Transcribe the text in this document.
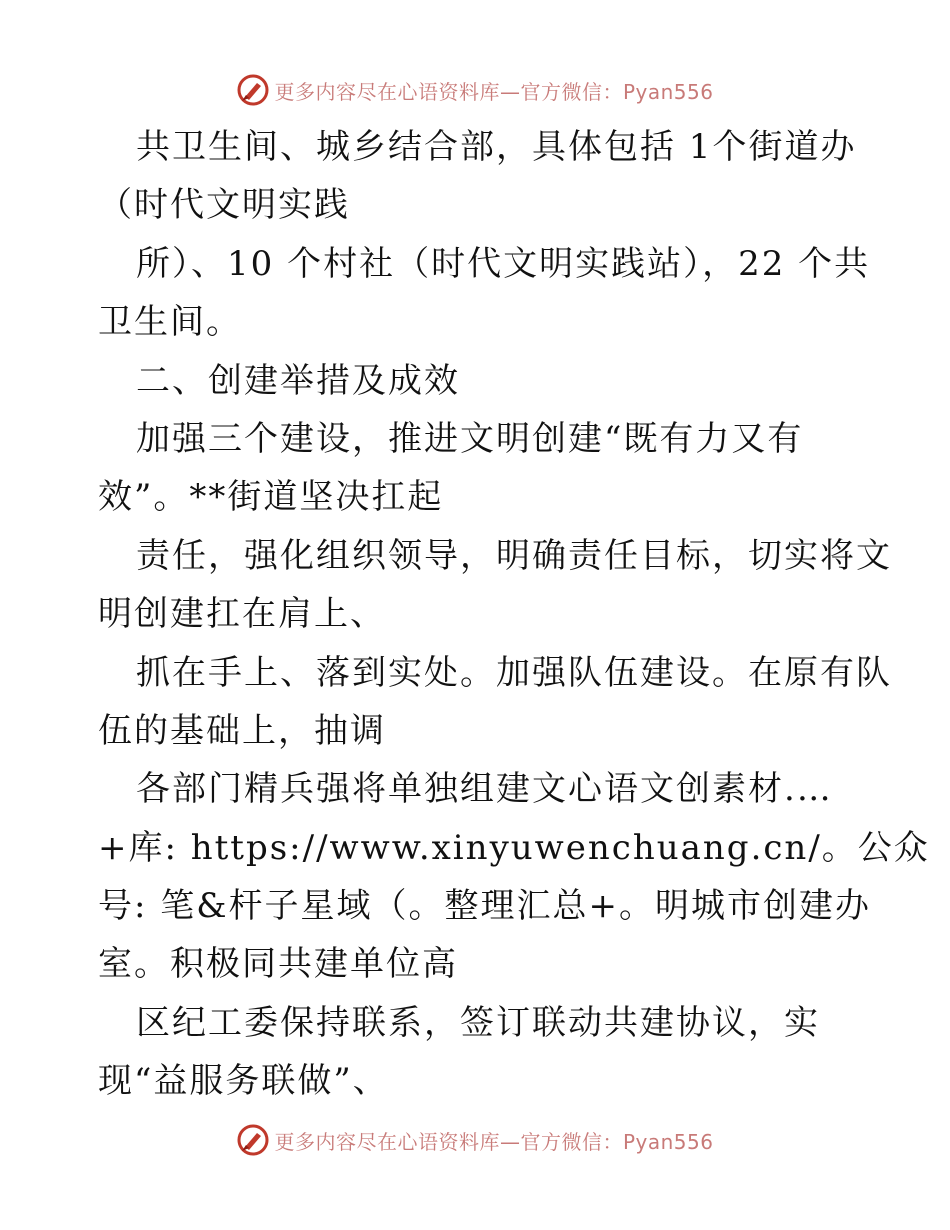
更多内容尽在心语资料库—官方微信：Pyan556
共卫生间、城乡结合部，具体包括 1个街道办
（时代文明实践
所）、10 个村社（时代文明实践站），22 个共
卫生间。
二、创建举措及成效
加强三个建设，推进文明创建“既有力又有
效”。**街道坚决扛起
责任，强化组织领导，明确责任目标，切实将文
明创建扛在肩上、
抓在手上、落到实处。加强队伍建设。在原有队
伍的基础上，抽调
各部门精兵强将单独组建文心语文创素材.…
+库: https://www.xinyuwenchuang.cn/。公众
号: 笔&杆子星域（。整理汇总+。明城市创建办
室。积极同共建单位高
区纪工委保持联系，签订联动共建协议，实
现“益服务联做”、
更多内容尽在心语资料库—官方微信：Pyan556
